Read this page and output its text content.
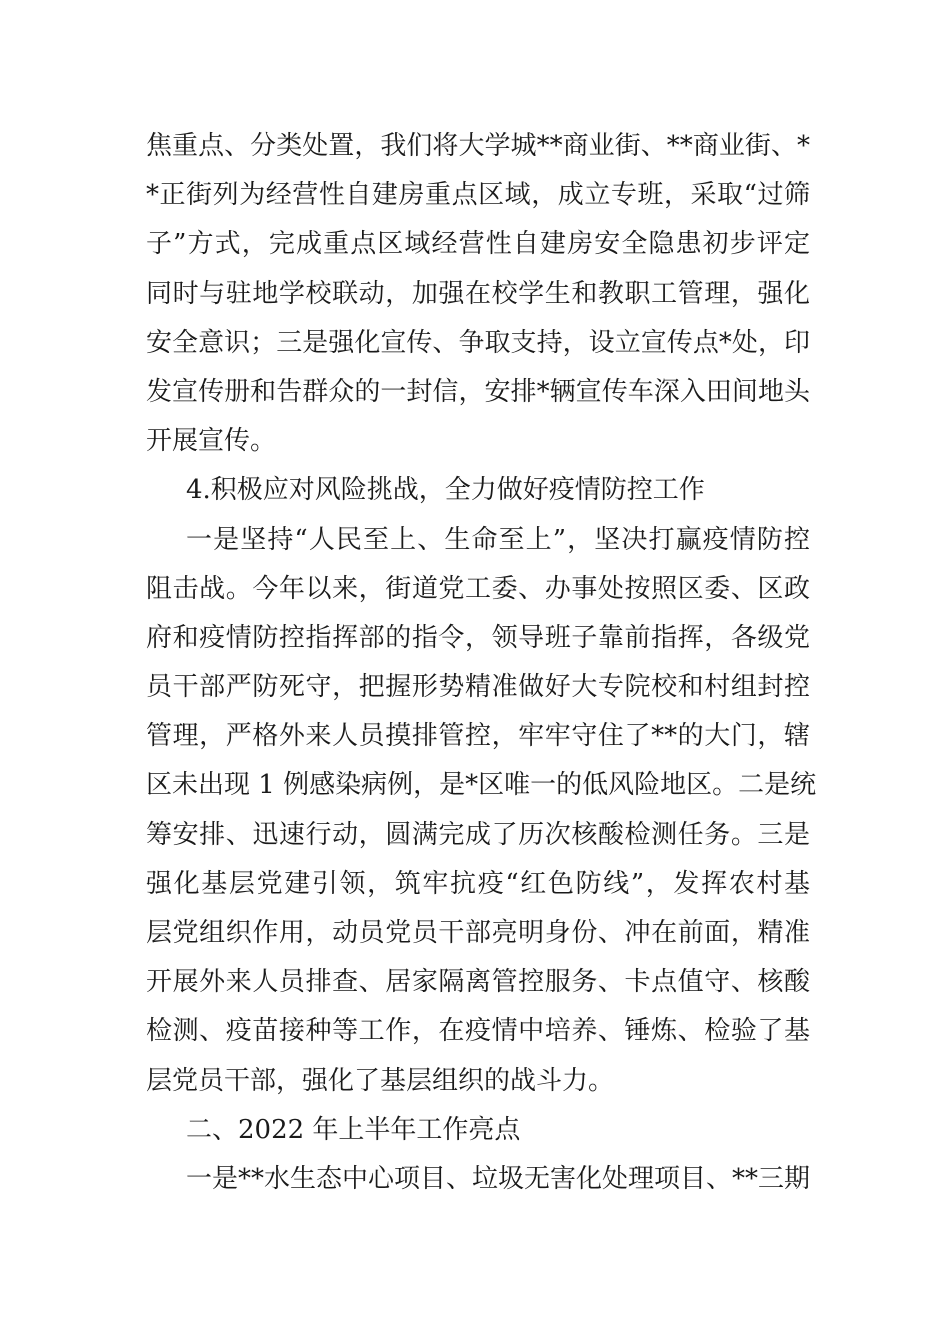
焦重点、分类处置，我们将大学城**商业街、**商业街、*
*正街列为经营性自建房重点区域，成立专班，采取“过筛
子”方式，完成重点区域经营性自建房安全隐患初步评定
同时与驻地学校联动，加强在校学生和教职工管理，强化
安全意识；三是强化宣传、争取支持，设立宣传点*处，印
发宣传册和告群众的一封信，安排*辆宣传车深入田间地头
开展宣传。
4.积极应对风险挑战，全力做好疫情防控工作
一是坚持“人民至上、生命至上”，坚决打赢疫情防控
阻击战。今年以来，街道党工委、办事处按照区委、区政
府和疫情防控指挥部的指令，领导班子靠前指挥，各级党
员干部严防死守，把握形势精准做好大专院校和村组封控
管理，严格外来人员摸排管控，牢牢守住了**的大门，辖
区未出现 1 例感染病例，是*区唯一的低风险地区。二是统
筹安排、迅速行动，圆满完成了历次核酸检测任务。三是
强化基层党建引领，筑牢抗疫“红色防线”，发挥农村基
层党组织作用，动员党员干部亮明身份、冲在前面，精准
开展外来人员排查、居家隔离管控服务、卡点值守、核酸
检测、疫苗接种等工作，在疫情中培养、锤炼、检验了基
层党员干部，强化了基层组织的战斗力。
二、2022 年上半年工作亮点
一是**水生态中心项目、垃圾无害化处理项目、**三期
